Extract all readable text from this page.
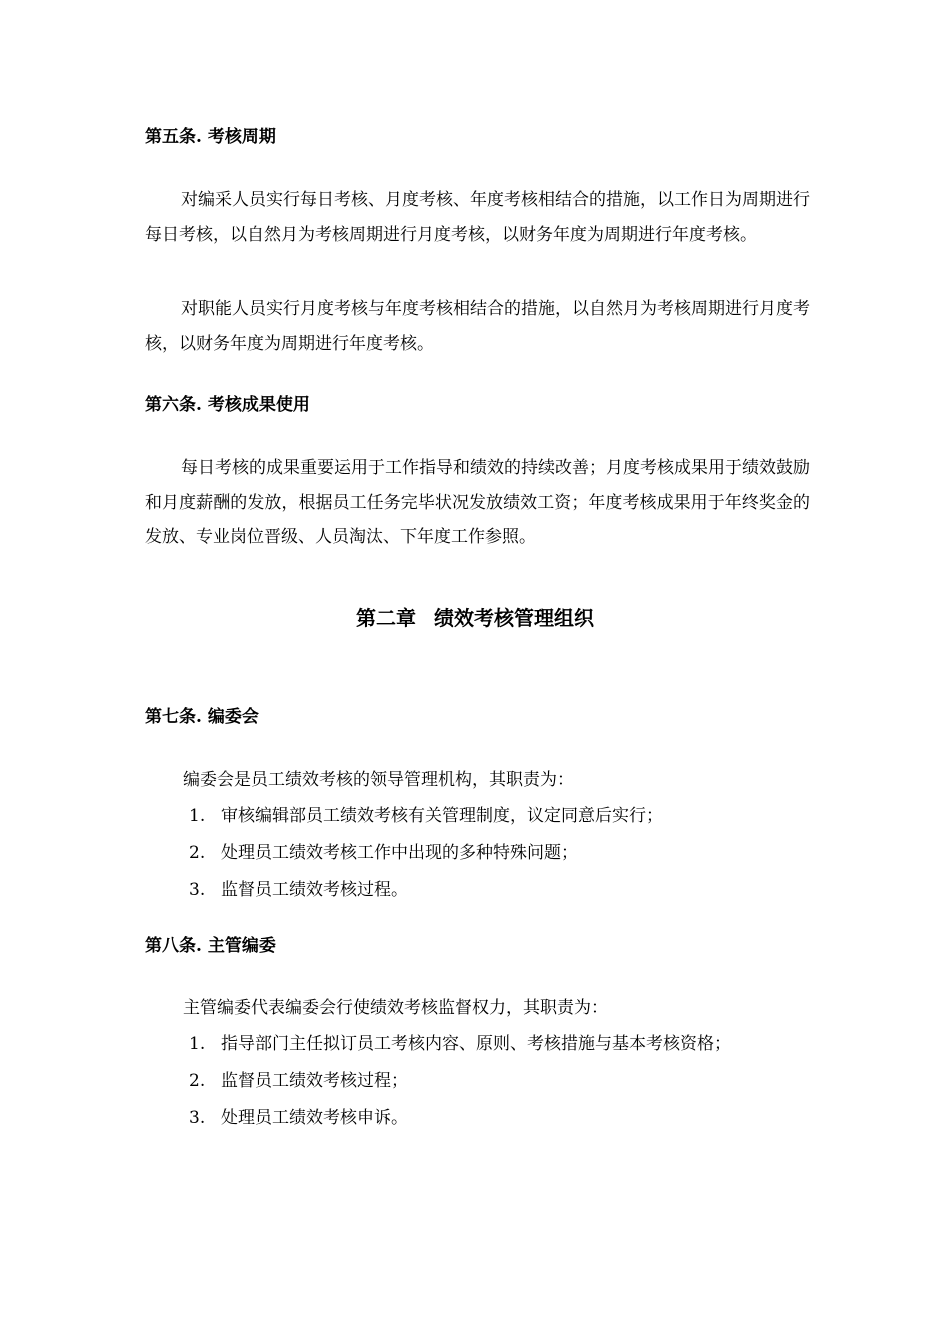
第五条. 考核周期
对编采人员实行每日考核、月度考核、年度考核相结合的措施，以工作日为周期进行每日考核，以自然月为考核周期进行月度考核，以财务年度为周期进行年度考核。
对职能人员实行月度考核与年度考核相结合的措施，以自然月为考核周期进行月度考核，以财务年度为周期进行年度考核。
第六条. 考核成果使用
每日考核的成果重要运用于工作指导和绩效的持续改善；月度考核成果用于绩效鼓励和月度薪酬的发放，根据员工任务完毕状况发放绩效工资；年度考核成果用于年终奖金的发放、专业岗位晋级、人员淘汰、下年度工作参照。
第二章 绩效考核管理组织
第七条. 编委会
编委会是员工绩效考核的领导管理机构，其职责为：
1. 审核编辑部员工绩效考核有关管理制度，议定同意后实行；
2. 处理员工绩效考核工作中出现的多种特殊问题；
3. 监督员工绩效考核过程。
第八条. 主管编委
主管编委代表编委会行使绩效考核监督权力，其职责为：
1. 指导部门主任拟订员工考核内容、原则、考核措施与基本考核资格；
2. 监督员工绩效考核过程；
3. 处理员工绩效考核申诉。
